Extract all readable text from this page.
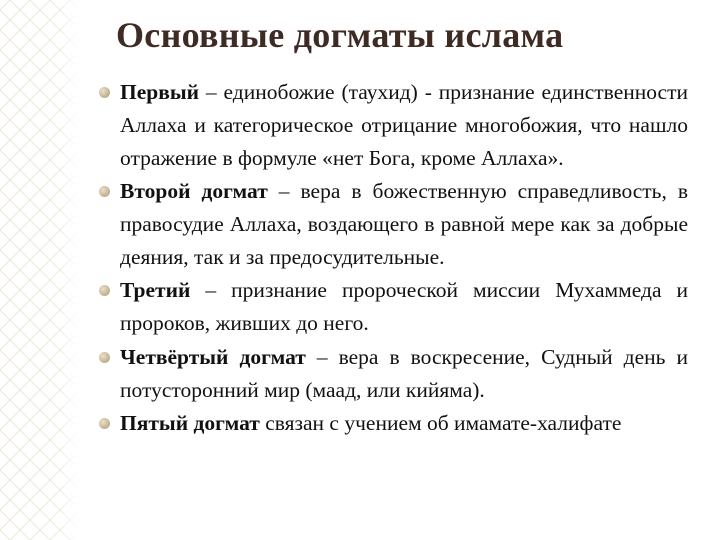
Основные догматы ислама
Первый – единобожие (таухид) - признание единственности Аллаха и категорическое отрицание многобожия, что нашло отражение в формуле «нет Бога, кроме Аллаха».
Второй догмат – вера в божественную справедливость, в правосудие Аллаха, воздающего в равной мере как за добрые деяния, так и за предосудительные.
Третий – признание пророческой миссии Мухаммеда и пророков, живших до него.
Четвёртый догмат – вера в воскресение, Судный день и потусторонний мир (маад, или кийяма).
Пятый догмат связан с учением об имамате-халифате
